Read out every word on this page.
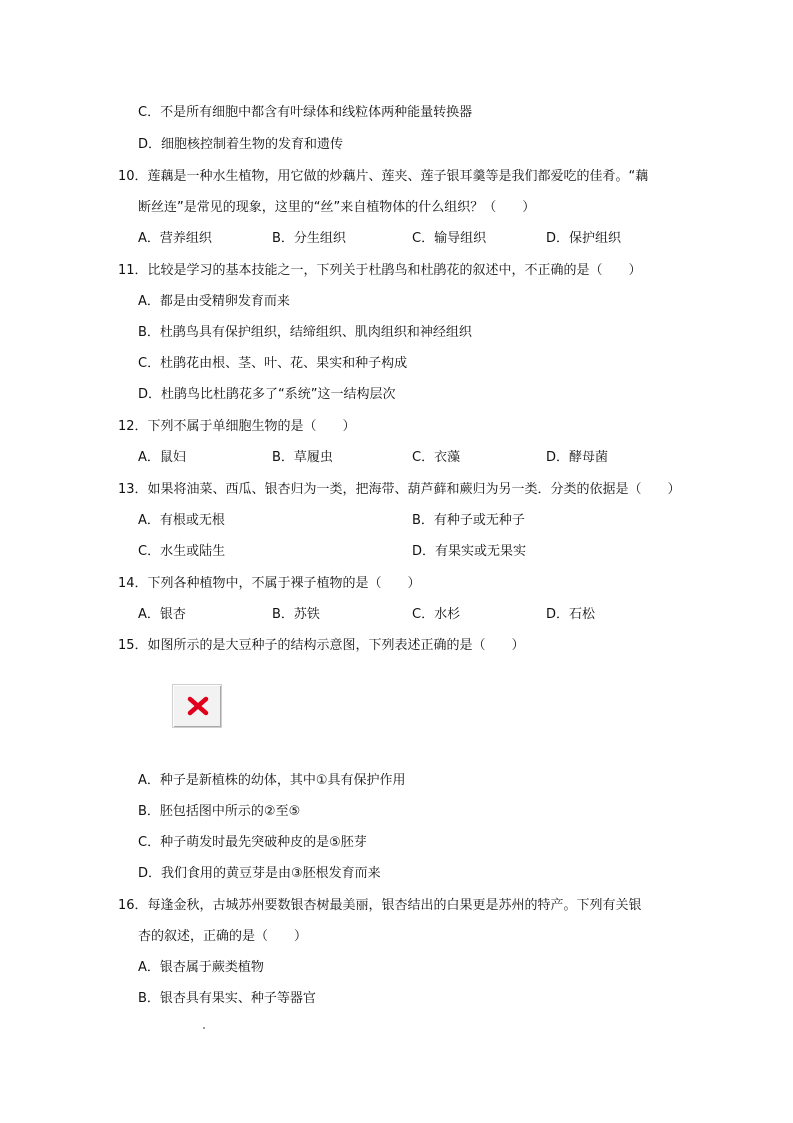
C．不是所有细胞中都含有叶绿体和线粒体两种能量转换器
D．细胞核控制着生物的发育和遗传
10．莲藕是一种水生植物，用它做的炒藕片、莲夹、莲子银耳羹等是我们都爱吃的佳肴。“藕
断丝连”是常见的现象，这里的“丝”来自植物体的什么组织？（　　）
A．营养组织	B．分生组织	C．输导组织	D．保护组织
11．比较是学习的基本技能之一，下列关于杜鹃鸟和杜鹃花的叙述中，不正确的是（　　）
A．都是由受精卵发育而来
B．杜鹃鸟具有保护组织，结缔组织、肌肉组织和神经组织
C．杜鹃花由根、茎、叶、花、果实和种子构成
D．杜鹃鸟比杜鹃花多了“系统”这一结构层次
12．下列不属于单细胞生物的是（　　）
A．鼠妇	B．草履虫	C．衣藻	D．酵母菌
13．如果将油菜、西瓜、银杏归为一类，把海带、葫芦藓和蕨归为另一类．分类的依据是（　　）
A．有根或无根	B．有种子或无种子
C．水生或陆生	D．有果实或无果实
14．下列各种植物中，不属于裸子植物的是（　　）
A．银杏	B．苏铁	C．水杉	D．石松
15．如图所示的是大豆种子的结构示意图，下列表述正确的是（　　）
A．种子是新植株的幼体，其中①具有保护作用
B．胚包括图中所示的②至⑤
C．种子萌发时最先突破种皮的是⑤胚芽
D．我们食用的黄豆芽是由③胚根发育而来
16．每逢金秋，古城苏州要数银杏树最美丽，银杏结出的白果更是苏州的特产。下列有关银
杏的叙述，正确的是（　　）
A．银杏属于蕨类植物
B．银杏具有果实、种子等器官
